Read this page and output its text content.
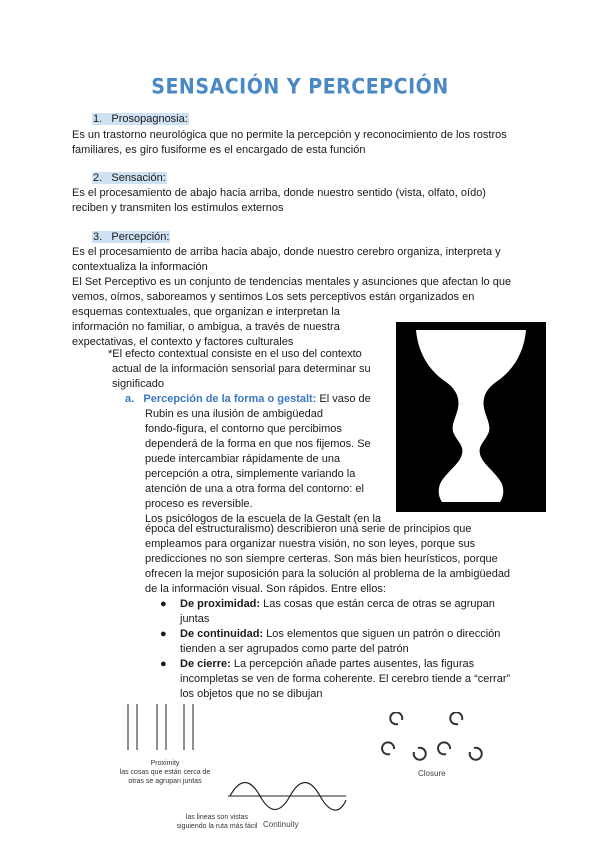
SENSACIÓN Y PERCEPCIÓN
1. Prosopagnosia:
Es un trastorno neurológica que no permite la percepción y reconocimiento de los rostros
familiares, es giro fusiforme es el encargado de esta función
2. Sensación:
Es el procesamiento de abajo hacia arriba, donde nuestro sentido (vista, olfato, oído)
reciben y transmiten los estímulos externos
3. Percepción:
Es el procesamiento de arriba hacia abajo, donde nuestro cerebro organiza, interpreta y
contextualiza la información
El Set Perceptivo es un conjunto de tendencias mentales y asunciones que afectan lo que
vemos, oímos, saboreamos y sentimos Los sets perceptivos están organizados en
esquemas contextuales, que organizan e interpretan la
información no familiar, o ambigua, a través de nuestra
expectativas, el contexto y factores culturales
*El efecto contextual consiste en el uso del contexto
actual de la información sensorial para determinar su
significado
a. Percepción de la forma o gestalt: El vaso de
Rubin es una ilusión de ambigüedad
fondo-figura, el contorno que percibimos
dependerá de la forma en que nos fijemos. Se
puede intercambiar rápidamente de una
percepción a otra, simplemente variando la
atención de una a otra forma del contorno: el
proceso es reversible.
Los psicólogos de la escuela de la Gestalt (en la
época del estructuralismo) describieron una serie de principios que
empleamos para organizar nuestra visión, no son leyes, porque sus
predicciones no son siempre certeras. Son más bien heurísticos, porque
ofrecen la mejor suposición para la solución al problema de la ambigüedad
de la información visual. Son rápidos. Entre ellos:
● De proximidad: Las cosas que están cerca de otras se agrupan
juntas
● De continuidad: Los elementos que siguen un patrón o dirección
tienden a ser agrupados como parte del patrón
● De cierre: La percepción añade partes ausentes, las figuras
incompletas se ven de forma coherente. El cerebro tiende a “cerrar”
los objetos que no se dibujan
Proximity
las cosas que están cerca de
otras se agrupan juntas
las lineas son vistas
siguiendo la ruta más fácil Continuity
Closure
